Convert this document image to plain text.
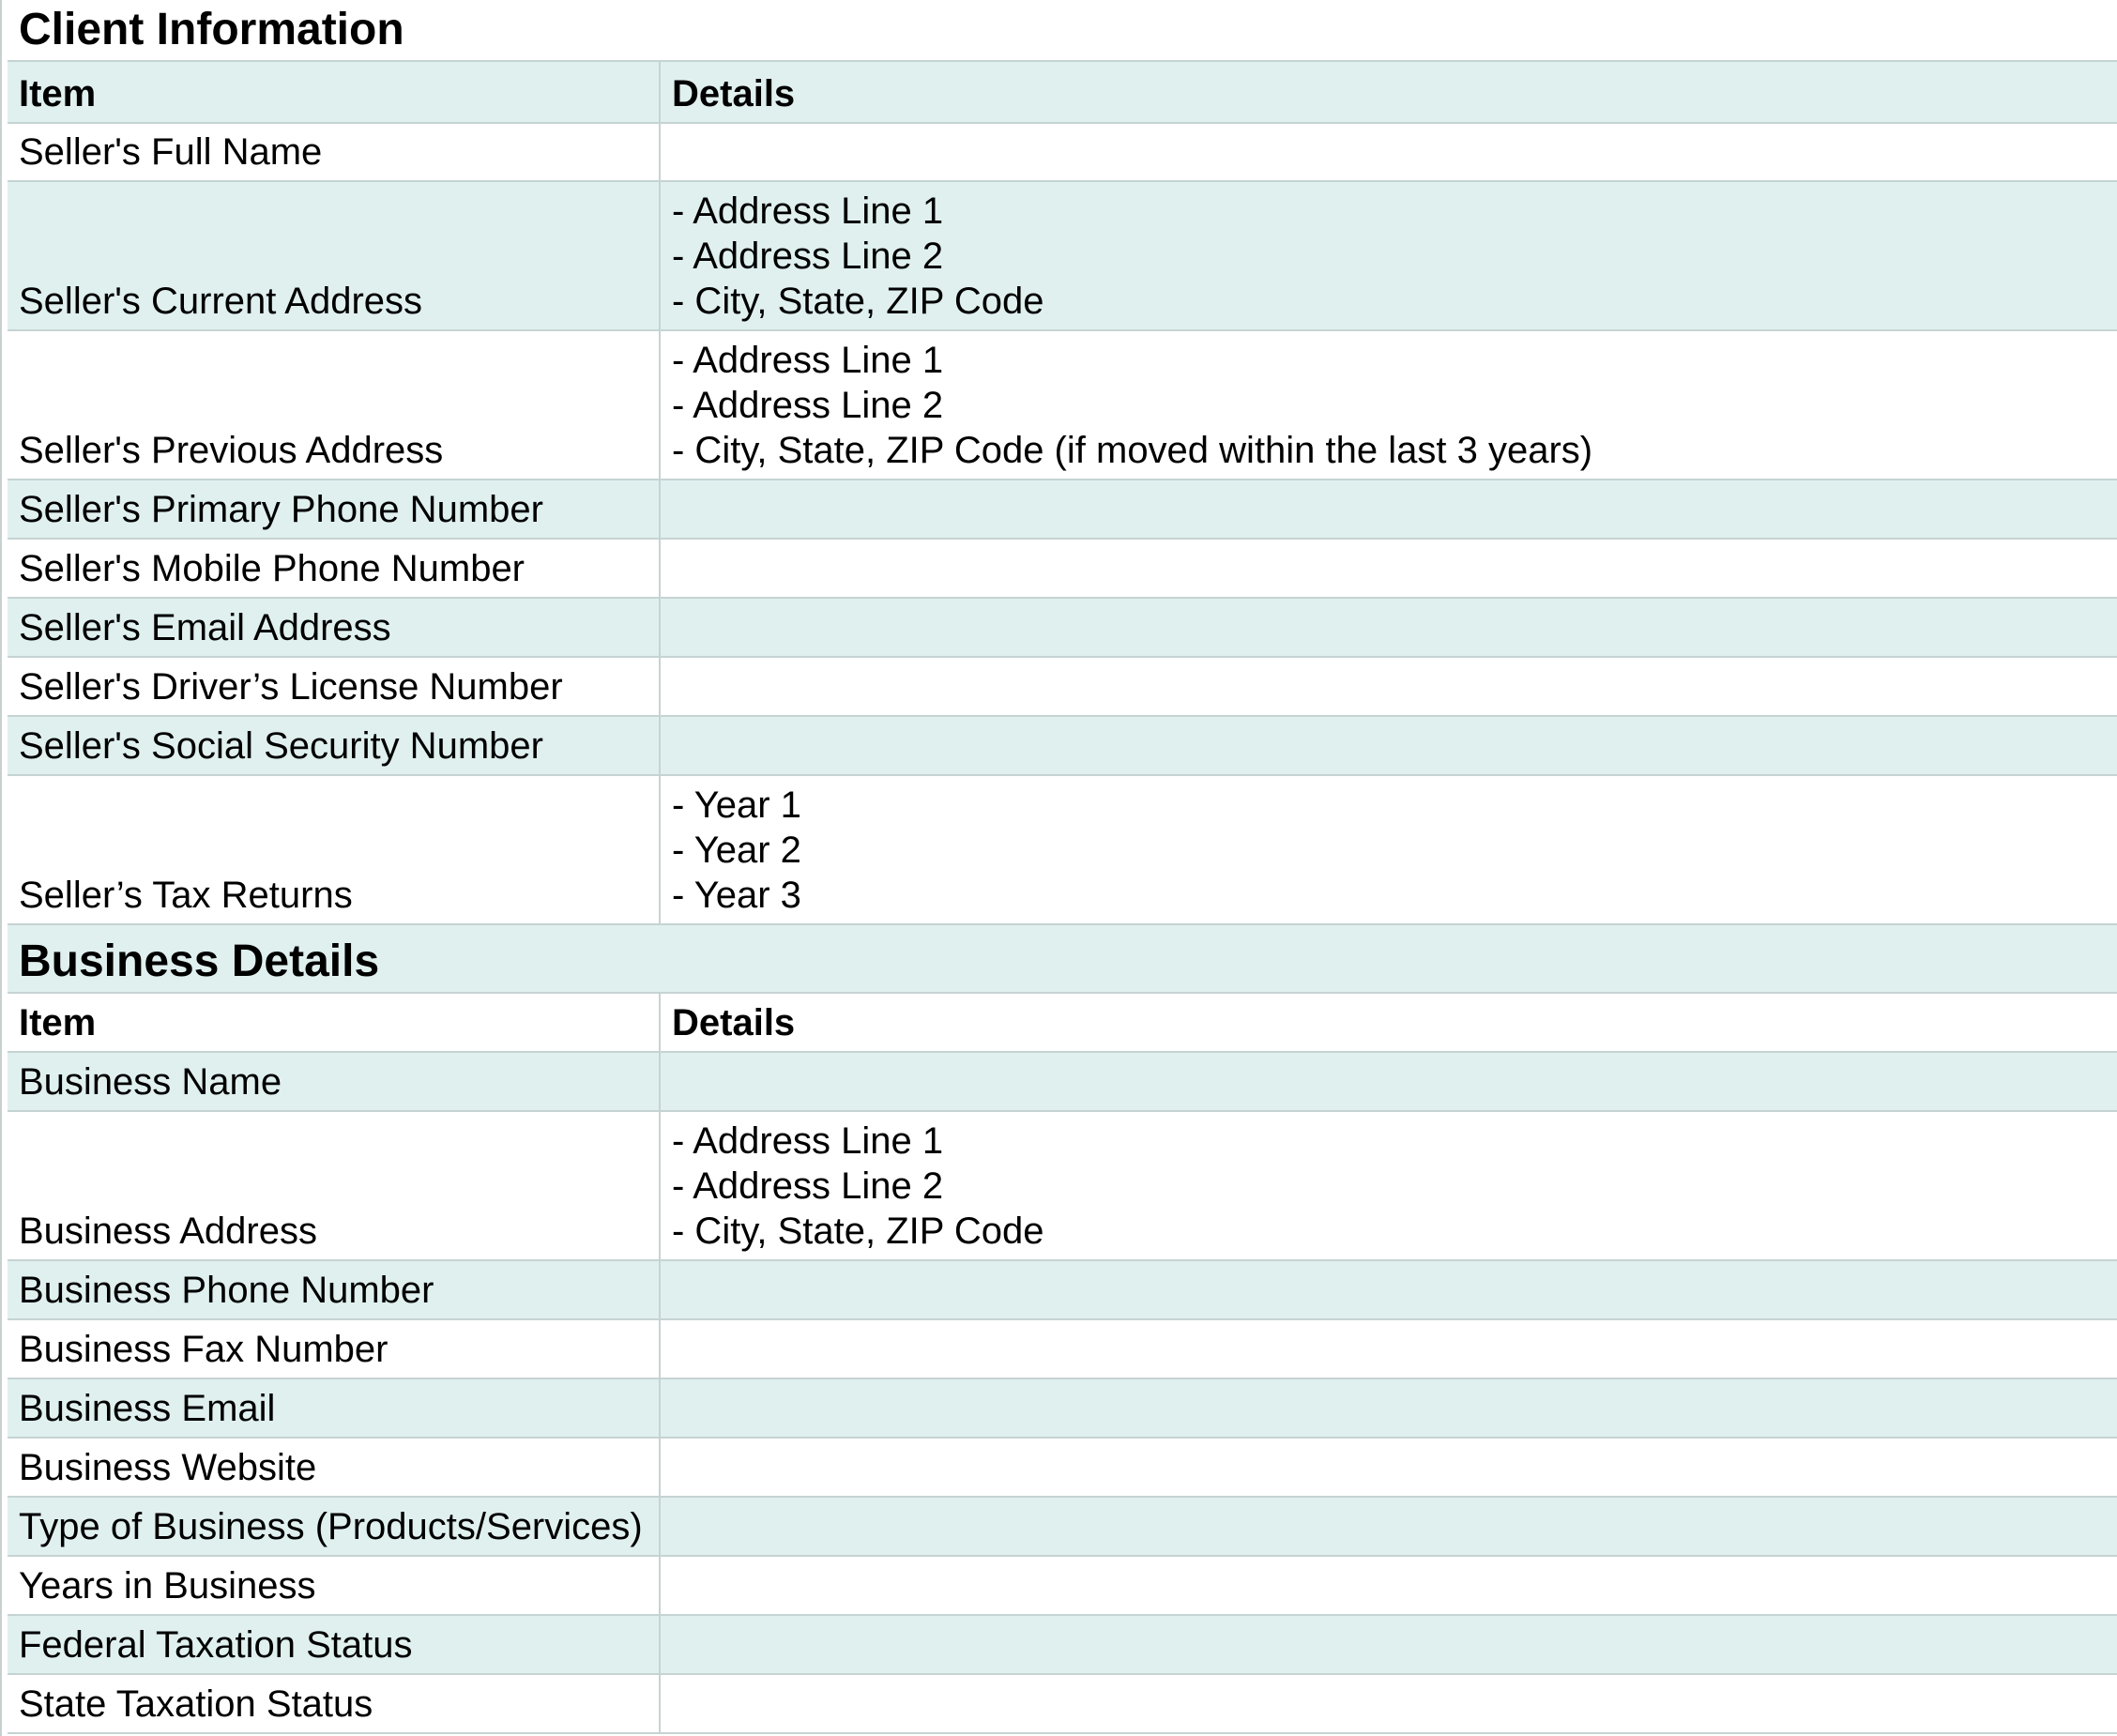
Client Information
Item	Details
Seller's Full Name
Seller's Current Address
- Address Line 1
- Address Line 2
- City, State, ZIP Code
Seller's Previous Address
- Address Line 1
- Address Line 2
- City, State, ZIP Code (if moved within the last 3 years)
Seller's Primary Phone Number
Seller's Mobile Phone Number
Seller's Email Address
Seller's Driver’s License Number
Seller's Social Security Number
Seller’s Tax Returns
- Year 1
- Year 2
- Year 3
Business Details
Item	Details
Business Name
Business Address
- Address Line 1
- Address Line 2
- City, State, ZIP Code
Business Phone Number
Business Fax Number
Business Email
Business Website
Type of Business (Products/Services)
Years in Business
Federal Taxation Status
State Taxation Status
